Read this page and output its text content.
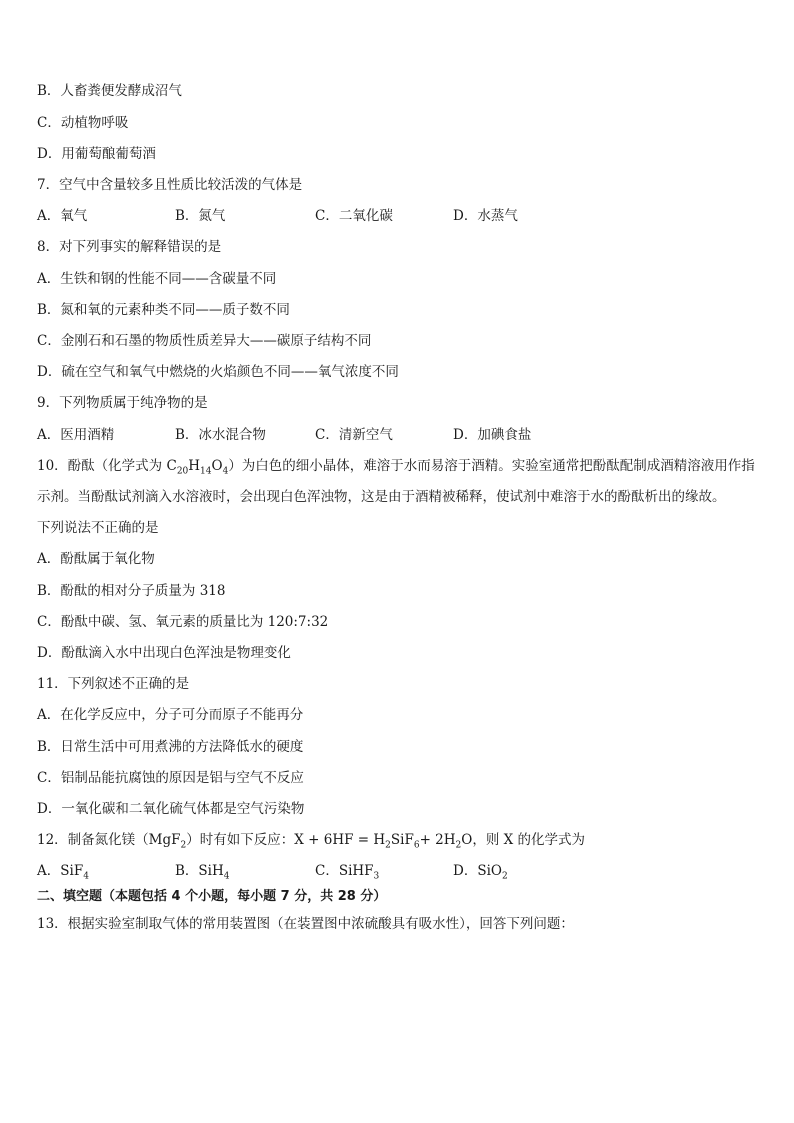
B．人畜粪便发酵成沼气
C．动植物呼吸
D．用葡萄酿葡萄酒
7．空气中含量较多且性质比较活泼的气体是
A．氧气	B．氮气	C．二氧化碳	D．水蒸气
8．对下列事实的解释错误的是
A．生铁和钢的性能不同——含碳量不同
B．氮和氧的元素种类不同——质子数不同
C．金刚石和石墨的物质性质差异大——碳原子结构不同
D．硫在空气和氧气中燃烧的火焰颜色不同——氧气浓度不同
9．下列物质属于纯净物的是
A．医用酒精	B．冰水混合物	C．清新空气	D．加碘食盐
10．酚酞（化学式为 $C_{20}H_{14}O_4$）为白色的细小晶体，难溶于水而易溶于酒精。实验室通常把酚酞配制成酒精溶液用作指
示剂。当酚酞试剂滴入水溶液时，会出现白色浑浊物，这是由于酒精被稀释，使试剂中难溶于水的酚酞析出的缘故。
下列说法不正确的是
A．酚酞属于氧化物
B．酚酞的相对分子质量为 318
C．酚酞中碳、氢、氧元素的质量比为 120:7:32
D．酚酞滴入水中出现白色浑浊是物理变化
11．下列叙述不正确的是
A．在化学反应中，分子可分而原子不能再分
B．日常生活中可用煮沸的方法降低水的硬度
C．铝制品能抗腐蚀的原因是铝与空气不反应
D．一氧化碳和二氧化硫气体都是空气污染物
12．制备氮化镁（MgF$_2$）时有如下反应：$X + 6HF = H_2SiF_6+ 2H_2O$，则 X 的化学式为
A．SiF$_4$	B．SiH$_4$	C．SiHF$_3$	D．SiO$_2$
二、填空题（本题包括 4 个小题，每小题 7 分，共 28 分）
13．根据实验室制取气体的常用装置图（在装置图中浓硫酸具有吸水性），回答下列问题：
